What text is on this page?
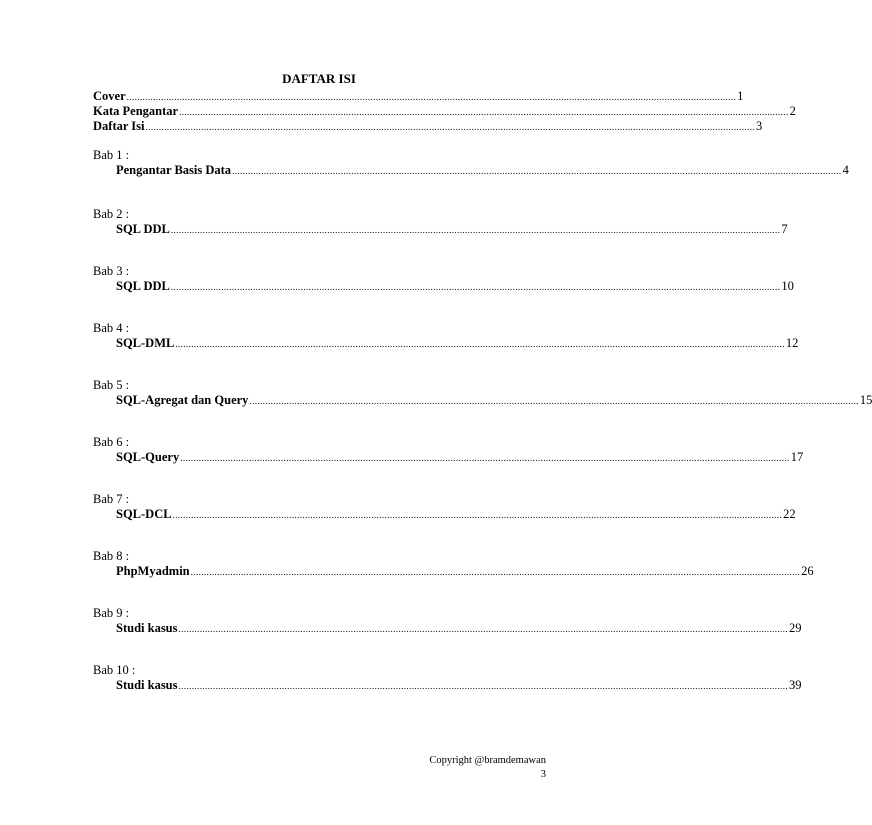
DAFTAR ISI
Cover ...................................................................................................................................................................................................................................... 1
Kata Pengantar ...................................................................................................................................................................................................................................... 2
Daftar Isi ...................................................................................................................................................................................................................................... 3
Bab 1 :
Pengantar Basis Data ...................................................................................................................................................................................................................................... 4
Bab 2 :
SQL DDL ...................................................................................................................................................................................................................................... 7
Bab 3 :
SQL DDL ...................................................................................................................................................................................................................................... 10
Bab 4 :
SQL-DML ...................................................................................................................................................................................................................................... 12
Bab 5 :
SQL-Agregat dan Query ...................................................................................................................................................................................................................................... 15
Bab 6 :
SQL-Query ...................................................................................................................................................................................................................................... 17
Bab 7 :
SQL-DCL ...................................................................................................................................................................................................................................... 22
Bab 8 :
PhpMyadmin ...................................................................................................................................................................................................................................... 26
Bab 9 :
Studi kasus ...................................................................................................................................................................................................................................... 29
Bab 10 :
Studi kasus ...................................................................................................................................................................................................................................... 39
Copyright @bramdemawan
3
